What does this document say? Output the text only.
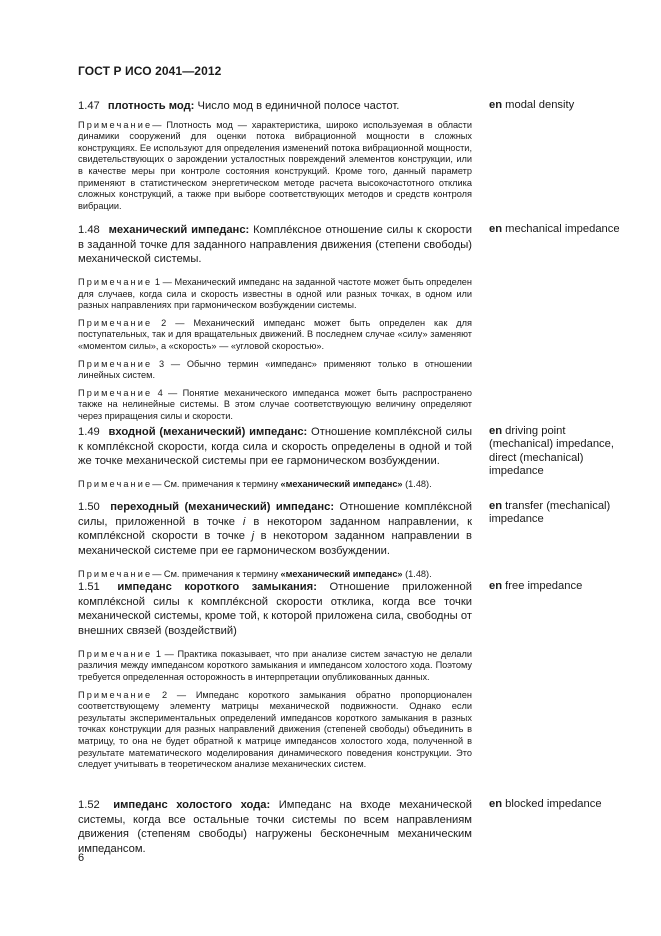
ГОСТ Р ИСО 2041—2012

1.47 плотность мод: Число мод в единичной полосе частот.

Примечание— Плотность мод — характеристика, широко используемая в области динамики сооружений для оценки потока вибрационной мощности в сложных конструкциях. Ее используют для определения изменений потока вибрационной мощности, свидетельствующих о зарождении усталостных повреждений элементов конструкции, или в качестве меры при контроле состояния конструкций. Кроме того, данный параметр применяют в статистическом энергетическом методе расчета высокочастотного отклика сложных конструкций, а также при выборе соответствующих методов и средств контроля вибрации.

en modal density

1.48 механический импеданс: Комплéксное отношение силы к скорости в заданной точке для заданного направления движения (степени свободы) механической системы.

Примечание 1 — Механический импеданс на заданной частоте может быть определен для случаев, когда сила и скорость известны в одной или разных точках, в одном или разных направлениях при гармоническом возбуждении системы.

Примечание 2 — Механический импеданс может быть определен как для поступательных, так и для вращательных движений. В последнем случае «силу» заменяют «моментом силы», а «скорость» — «угловой скоростью».

Примечание 3 — Обычно термин «импеданс» применяют только в отношении линейных систем.

Примечание 4 — Понятие механического импеданса может быть распространено также на нелинейные системы. В этом случае соответствующую величину определяют через приращения силы и скорости.

en mechanical impedance

1.49 входной (механический) импеданс: Отношение комплéксной силы к комплéксной скорости, когда сила и скорость определены в одной и той же точке механической системы при ее гармоническом возбуждении.

Примечание— См. примечания к термину «механический импеданс» (1.48).

en driving point (mechanical) impedance, direct (mechanical) impedance

1.50 переходный (механический) импеданс: Отношение комплéксной силы, приложенной в точке i в некотором заданном направлении, к комплéксной скорости в точке j в некотором заданном направлении в механической системе при ее гармоническом возбуждении.

Примечание— См. примечания к термину «механический импеданс» (1.48).

en transfer (mechanical) impedance

1.51 импеданс короткого замыкания: Отношение приложенной комплéксной силы к комплéксной скорости отклика, когда все точки механической системы, кроме той, к которой приложена сила, свободны от внешних связей (воздействий)

Примечание 1 — Практика показывает, что при анализе систем зачастую не делали различия между импедансом короткого замыкания и импедансом холостого хода. Поэтому требуется определенная осторожность в интерпретации опубликованных данных.

Примечание 2 — Импеданс короткого замыкания обратно пропорционален соответствующему элементу матрицы механической подвижности. Однако если результаты экспериментальных определений импедансов короткого замыкания в разных точках конструкции для разных направлений движения (степеней свободы) объединить в матрицу, то она не будет обратной к матрице импедансов холостого хода, полученной в результате математического моделирования динамического поведения конструкции. Это следует учитывать в теоретическом анализе механических систем.

en free impedance

1.52 импеданс холостого хода: Импеданс на входе механической системы, когда все остальные точки системы по всем направлениям движения (степеням свободы) нагружены бесконечным механическим импедансом.

en blocked impedance
6
